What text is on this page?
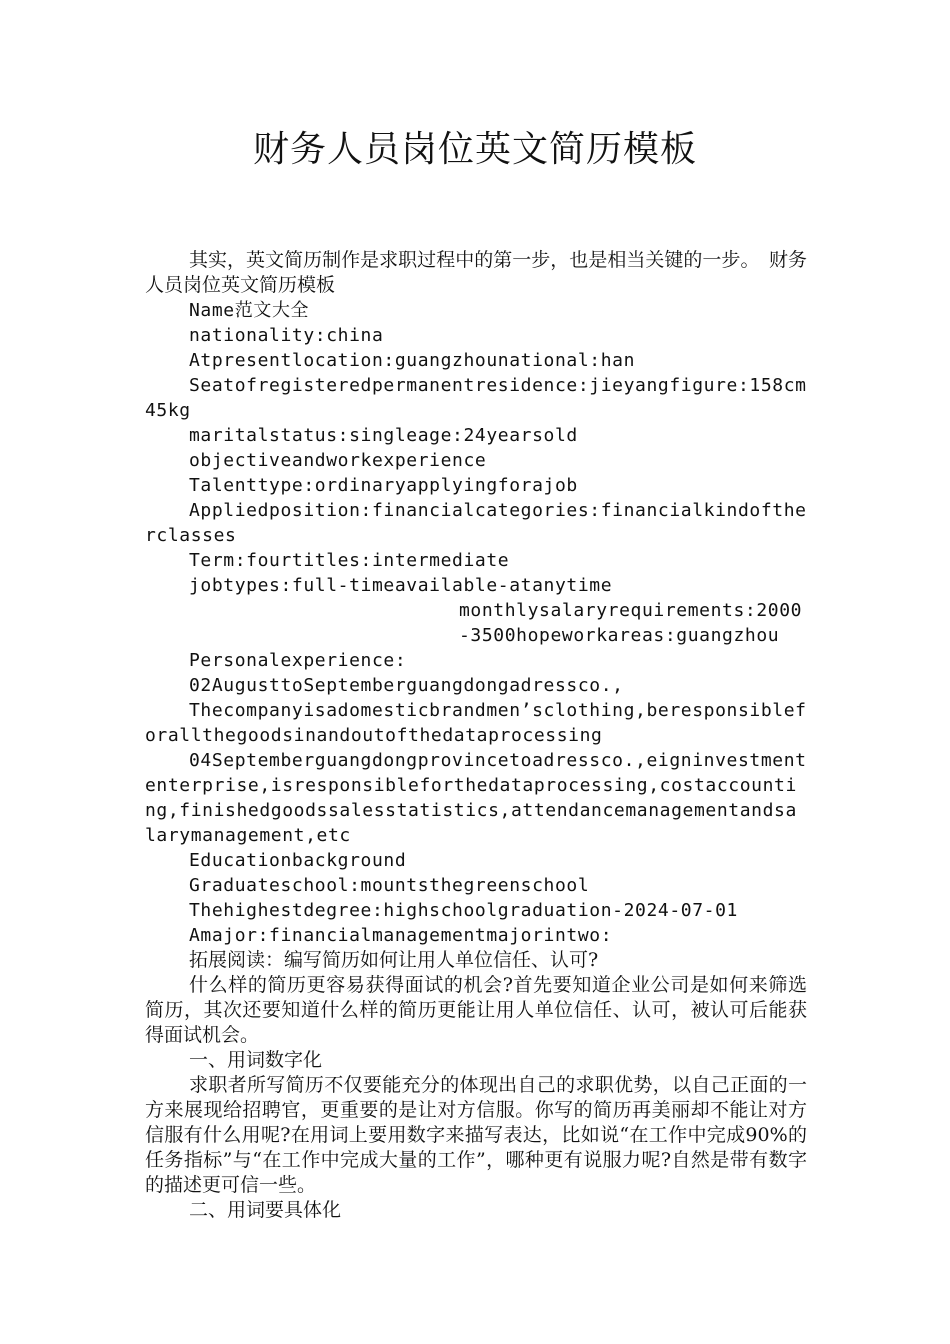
财务人员岗位英文简历模板

其实，英文简历制作是求职过程中的第一步，也是相当关键的一步。　财务人员岗位英文简历模板

Name范文大全

nationality:china

Atpresentlocation:guangzhounational:han

Seatofregisteredpermanentresidence:jieyangfigure:158cm45kg

maritalstatus:singleage:24yearsold

objectiveandworkexperience

Talenttype:ordinaryapplyingforajob

Appliedposition:financialcategories:financialkindoftherclasses

Term:fourtitles:intermediate

jobtypes:full-timeavailable-atanytime

monthlysalaryrequirements:2000-3500hopeworkareas:guangzhou

Personalexperience:

02AugusttoSeptemberguangdongadressco.,

Thecompanyisadomesticbrandmen’sclothing,beresponsibleforallthegoodsinandoutofthedataprocessing

04Septemberguangdongprovincetoadressco.,eigninvestmententerprise,isresponsibleforthedataprocessing,costaccounting,finishedgoodssalesstatistics,attendancemanagementandsalarymanagement,etc

Educationbackground

Graduateschool:mountsthegreenschool

Thehighestdegree:highschoolgraduation-2024-07-01

Amajor:financialmanagementmajorintwo:

拓展阅读：编写简历如何让用人单位信任、认可?

什么样的简历更容易获得面试的机会?首先要知道企业公司是如何来筛选简历，其次还要知道什么样的简历更能让用人单位信任、认可，被认可后能获得面试机会。

一、用词数字化

求职者所写简历不仅要能充分的体现出自己的求职优势，以自己正面的一方来展现给招聘官，更重要的是让对方信服。你写的简历再美丽却不能让对方信服有什么用呢?在用词上要用数字来描写表达，比如说“在工作中完成90%的任务指标”与“在工作中完成大量的工作”，哪种更有说服力呢?自然是带有数字的描述更可信一些。

二、用词要具体化
